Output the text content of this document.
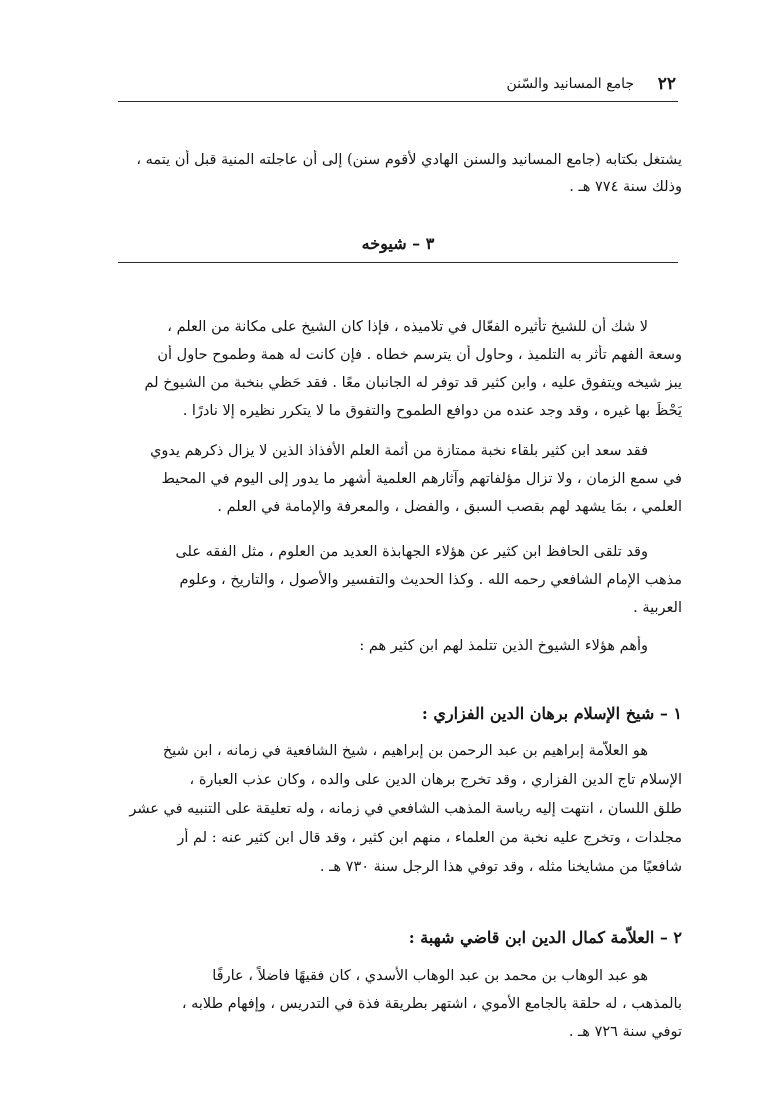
٢٢
جامع المسانيد والسّنن
يشتغل بكتابه (جامع المسانيد والسنن الهادي لأقوم سنن) إلى أن عاجلته المنية قبل أن يتمه ،
وذلك سنة ٧٧٤ هـ .
٣ – شيوخه
لا شك أن للشيخ تأثيره الفعّال في تلاميذه ، فإذا كان الشيخ على مكانة من العلم ،
وسعة الفهم تأثر به التلميذ ، وحاول أن يترسم خطاه . فإن كانت له همة وطموح حاول أن
يبز شيخه ويتفوق عليه ، وابن كثير قد توفر له الجانبان معًا . فقد حَظي بنخبة من الشيوخ لم
يَحْظَ بها غيره ، وقد وجد عنده من دوافع الطموح والتفوق ما لا يتكرر نظيره إلا نادرًا .
فقد سعد ابن كثير بلقاء نخبة ممتازة من أئمة العلم الأفذاذ الذين لا يزال ذكرهم يدوي
في سمع الزمان ، ولا تزال مؤلفاتهم وآثارهم العلمية أشهر ما يدور إلى اليوم في المحيط
العلمي ، بمَا يشهد لهم بقصب السبق ، والفضل ، والمعرفة والإمامة في العلم .
وقد تلقى الحافظ ابن كثير عن هؤلاء الجهابذة العديد من العلوم ، مثل الفقه على
مذهب الإمام الشافعي رحمه الله . وكذا الحديث والتفسير والأصول ، والتاريخ ، وعلوم
العربية .
وأهم هؤلاء الشيوخ الذين تتلمذ لهم ابن كثير هم :
١ – شيخ الإسلام برهان الدين الفزاري :
هو العلاّمة إبراهيم بن عبد الرحمن بن إبراهيم ، شيخ الشافعية في زمانه ، ابن شيخ
الإسلام تاج الدين الفزاري ، وقد تخرج برهان الدين على والده ، وكان عذب العبارة ،
طلق اللسان ، انتهت إليه رياسة المذهب الشافعي في زمانه ، وله تعليقة على التنبيه في عشر
مجلدات ، وتخرج عليه نخبة من العلماء ، منهم ابن كثير ، وقد قال ابن كثير عنه : لم أر
شافعيًا من مشايخنا مثله ، وقد توفي هذا الرجل سنة ٧٣٠ هـ .
٢ – العلاّمة كمال الدين ابن قاضي شهبة :
هو عبد الوهاب بن محمد بن عبد الوهاب الأسدي ، كان فقيهًا فاضلاً ، عارفًا
بالمذهب ، له حلقة بالجامع الأموي ، اشتهر بطريقة فذة في التدريس ، وإفهام طلابه ،
توفي سنة ٧٢٦ هـ .
